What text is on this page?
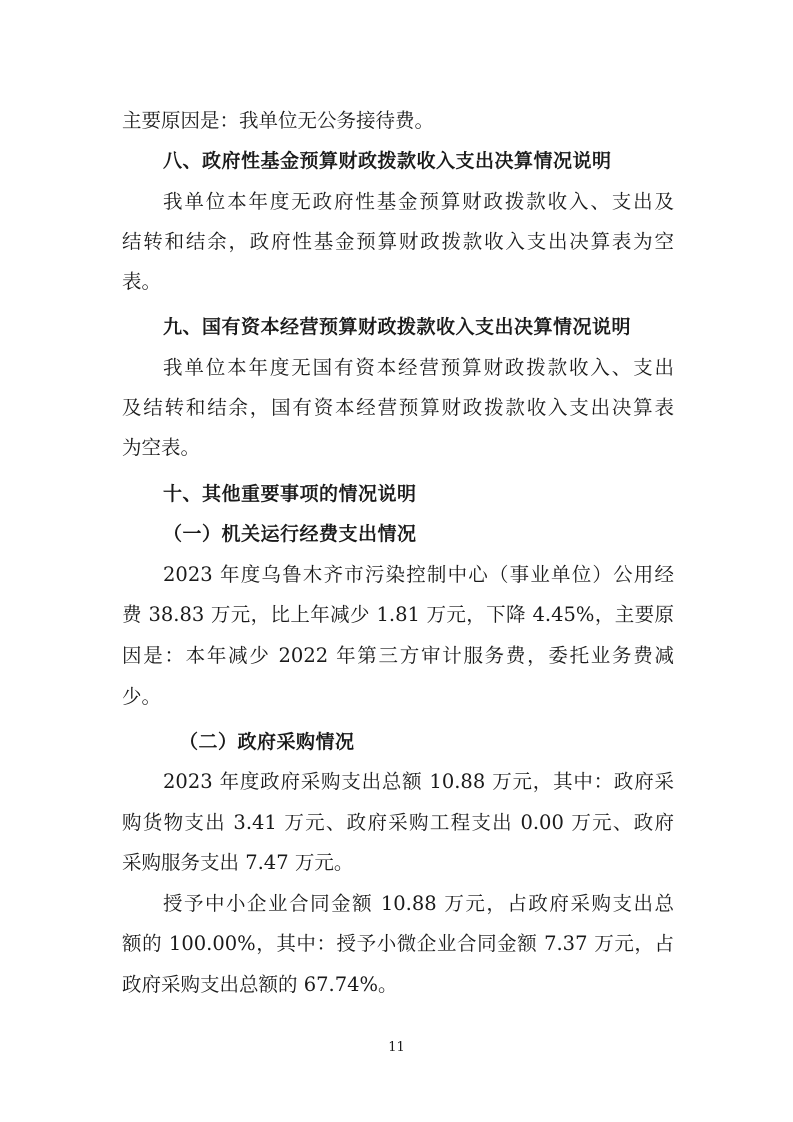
主要原因是：我单位无公务接待费。
八、政府性基金预算财政拨款收入支出决算情况说明
我单位本年度无政府性基金预算财政拨款收入、支出及
结转和结余，政府性基金预算财政拨款收入支出决算表为空
表。
九、国有资本经营预算财政拨款收入支出决算情况说明
我单位本年度无国有资本经营预算财政拨款收入、支出
及结转和结余，国有资本经营预算财政拨款收入支出决算表
为空表。
十、其他重要事项的情况说明
（一）机关运行经费支出情况
2023 年度乌鲁木齐市污染控制中心（事业单位）公用经
费 38.83 万元，比上年减少 1.81 万元，下降 4.45%，主要原
因是：本年减少 2022 年第三方审计服务费，委托业务费减
少。
（二）政府采购情况
2023 年度政府采购支出总额 10.88 万元，其中：政府采
购货物支出 3.41 万元、政府采购工程支出 0.00 万元、政府
采购服务支出 7.47 万元。
授予中小企业合同金额 10.88 万元，占政府采购支出总
额的 100.00%，其中：授予小微企业合同金额 7.37 万元，占
政府采购支出总额的 67.74%。
11
